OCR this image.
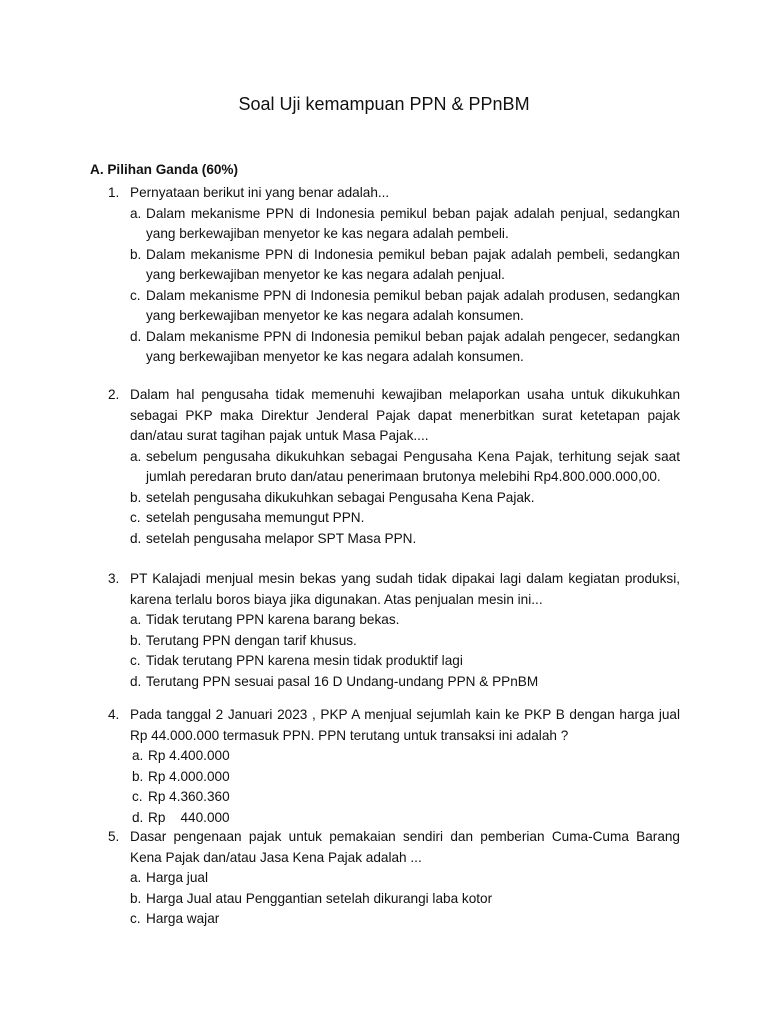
Soal Uji kemampuan PPN & PPnBM
A. Pilihan Ganda (60%)
1. Pernyataan berikut ini yang benar adalah...
a. Dalam mekanisme PPN di Indonesia pemikul beban pajak adalah penjual, sedangkan yang berkewajiban menyetor ke kas negara adalah pembeli.
b. Dalam mekanisme PPN di Indonesia pemikul beban pajak adalah pembeli, sedangkan yang berkewajiban menyetor ke kas negara adalah penjual.
c. Dalam mekanisme PPN di Indonesia pemikul beban pajak adalah produsen, sedangkan yang berkewajiban menyetor ke kas negara adalah konsumen.
d. Dalam mekanisme PPN di Indonesia pemikul beban pajak adalah pengecer, sedangkan yang berkewajiban menyetor ke kas negara adalah konsumen.
2. Dalam hal pengusaha tidak memenuhi kewajiban melaporkan usaha untuk dikukuhkan sebagai PKP maka Direktur Jenderal Pajak dapat menerbitkan surat ketetapan pajak dan/atau surat tagihan pajak untuk Masa Pajak....
a. sebelum pengusaha dikukuhkan sebagai Pengusaha Kena Pajak, terhitung sejak saat jumlah peredaran bruto dan/atau penerimaan brutonya melebihi Rp4.800.000.000,00.
b. setelah pengusaha dikukuhkan sebagai Pengusaha Kena Pajak.
c. setelah pengusaha memungut PPN.
d. setelah pengusaha melapor SPT Masa PPN.
3. PT Kalajadi menjual mesin bekas yang sudah tidak dipakai lagi dalam kegiatan produksi, karena terlalu boros biaya jika digunakan. Atas penjualan mesin ini...
a. Tidak terutang PPN karena barang bekas.
b. Terutang PPN dengan tarif khusus.
c. Tidak terutang PPN karena mesin tidak produktif lagi
d. Terutang PPN sesuai pasal 16 D Undang-undang PPN & PPnBM
4. Pada tanggal 2 Januari 2023 , PKP A menjual sejumlah kain ke PKP B dengan harga jual Rp 44.000.000 termasuk PPN. PPN terutang untuk transaksi ini adalah ?
a. Rp 4.400.000
b. Rp 4.000.000
c. Rp 4.360.360
d. Rp    440.000
5. Dasar pengenaan pajak untuk pemakaian sendiri dan pemberian Cuma-Cuma Barang Kena Pajak dan/atau Jasa Kena Pajak adalah ...
a. Harga jual
b. Harga Jual atau Penggantian setelah dikurangi laba kotor
c. Harga wajar
